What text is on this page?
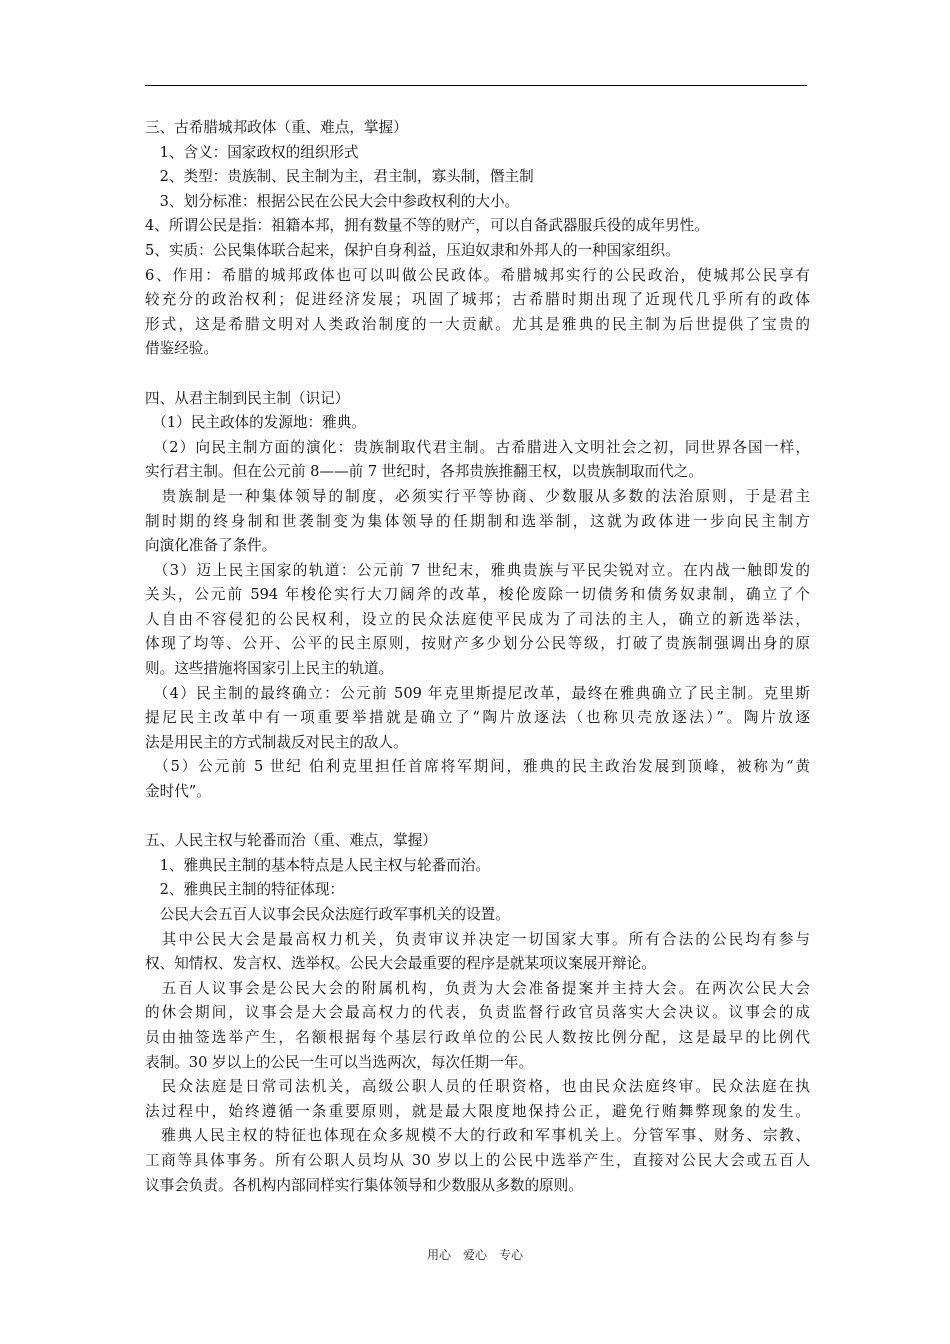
三、古希腊城邦政体（重、难点，掌握）
　1、含义：国家政权的组织形式
　2、类型：贵族制、民主制为主，君主制，寡头制，僭主制
　3、划分标准：根据公民在公民大会中参政权利的大小。
4、所谓公民是指：祖籍本邦，拥有数量不等的财产，可以自备武器服兵役的成年男性。
5、实质：公民集体联合起来，保护自身利益，压迫奴隶和外邦人的一种国家组织。
6、作用：希腊的城邦政体也可以叫做公民政体。希腊城邦实行的公民政治，使城邦公民享有
较充分的政治权利；促进经济发展；巩固了城邦；古希腊时期出现了近现代几乎所有的政体
形式，这是希腊文明对人类政治制度的一大贡献。尤其是雅典的民主制为后世提供了宝贵的
借鉴经验。
四、从君主制到民主制（识记）
　（1）民主政体的发源地：雅典。
　（2）向民主制方面的演化：贵族制取代君主制。古希腊进入文明社会之初，同世界各国一样，
实行君主制。但在公元前 8——前 7 世纪时，各邦贵族推翻王权，以贵族制取而代之。
　贵族制是一种集体领导的制度，必须实行平等协商、少数服从多数的法治原则，于是君主
制时期的终身制和世袭制变为集体领导的任期制和选举制，这就为政体进一步向民主制方
向演化准备了条件。
　（3）迈上民主国家的轨道：公元前 7 世纪末，雅典贵族与平民尖锐对立。在内战一触即发的
关头，公元前 594 年梭伦实行大刀阔斧的改革，梭伦废除一切债务和债务奴隶制，确立了个
人自由不容侵犯的公民权利，设立的民众法庭使平民成为了司法的主人，确立的新选举法，
体现了均等、公开、公平的民主原则，按财产多少划分公民等级，打破了贵族制强调出身的原
则。这些措施将国家引上民主的轨道。
　（4）民主制的最终确立：公元前 509 年克里斯提尼改革，最终在雅典确立了民主制。克里斯
提尼民主改革中有一项重要举措就是确立了“陶片放逐法（也称贝壳放逐法）”。陶片放逐
法是用民主的方式制裁反对民主的敌人。
　（5）公元前 5 世纪 伯利克里担任首席将军期间，雅典的民主政治发展到顶峰，被称为“黄
金时代”。
五、人民主权与轮番而治（重、难点，掌握）
　1、雅典民主制的基本特点是人民主权与轮番而治。
　2、雅典民主制的特征体现：
　公民大会五百人议事会民众法庭行政军事机关的设置。
　其中公民大会是最高权力机关，负责审议并决定一切国家大事。所有合法的公民均有参与
权、知情权、发言权、选举权。公民大会最重要的程序是就某项议案展开辩论。
　五百人议事会是公民大会的附属机构，负责为大会准备提案并主持大会。在两次公民大会
的休会期间，议事会是大会最高权力的代表，负责监督行政官员落实大会决议。议事会的成
员由抽签选举产生，名额根据每个基层行政单位的公民人数按比例分配，这是最早的比例代
表制。30 岁以上的公民一生可以当选两次，每次任期一年。
　民众法庭是日常司法机关，高级公职人员的任职资格，也由民众法庭终审。民众法庭在执
法过程中，始终遵循一条重要原则，就是最大限度地保持公正，避免行贿舞弊现象的发生。
　雅典人民主权的特征也体现在众多规模不大的行政和军事机关上。分管军事、财务、宗教、
工商等具体事务。所有公职人员均从 30 岁以上的公民中选举产生，直接对公民大会或五百人
议事会负责。各机构内部同样实行集体领导和少数服从多数的原则。
用心　爱心　专心
